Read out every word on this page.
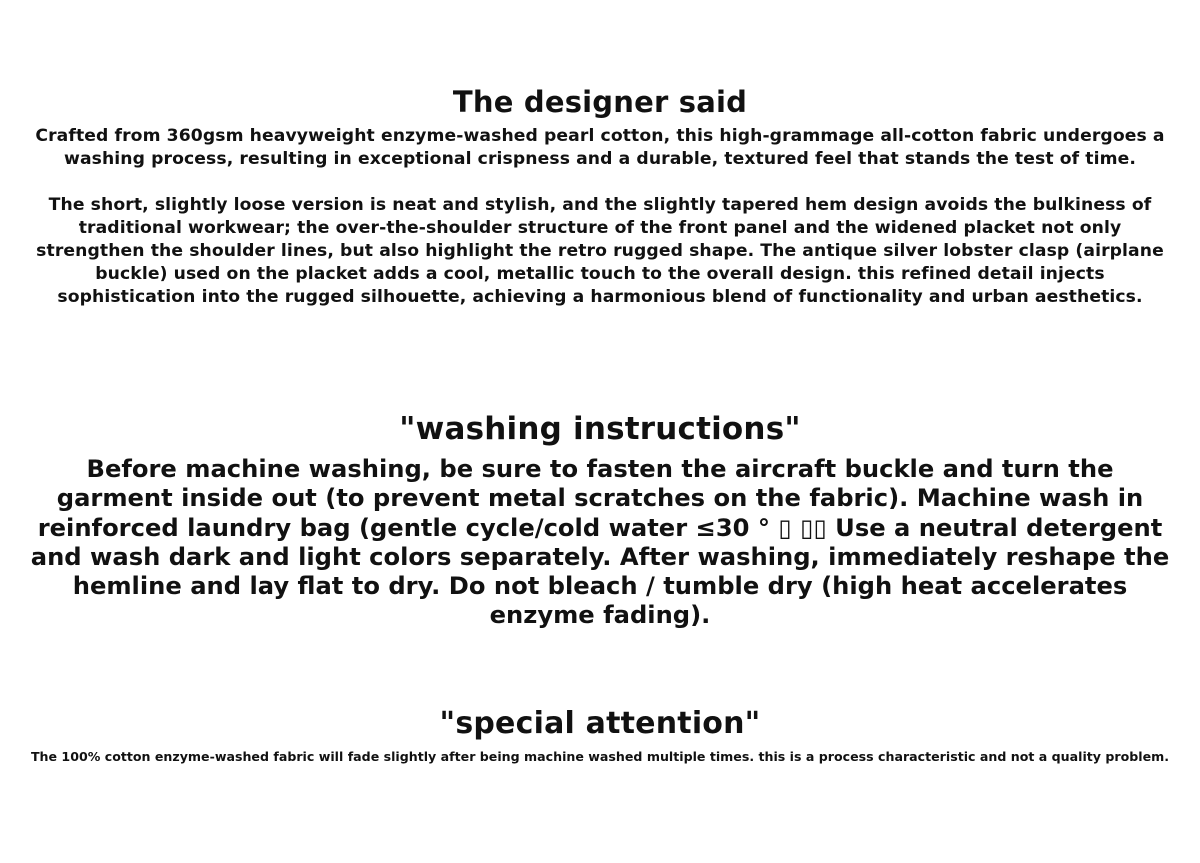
The designer said

Crafted from 360gsm heavyweight enzyme-washed pearl cotton, this high-grammage all-cotton fabric undergoes a washing process, resulting in exceptional crispness and a durable, textured feel that stands the test of time.

The short, slightly loose version is neat and stylish, and the slightly tapered hem design avoids the bulkiness of traditional workwear; the over-the-shoulder structure of the front panel and the widened placket not only strengthen the shoulder lines, but also highlight the retro rugged shape. The antique silver lobster clasp (airplane buckle) used on the placket adds a cool, metallic touch to the overall design. this refined detail injects sophistication into the rugged silhouette, achieving a harmonious blend of functionality and urban aesthetics.

"washing instructions"

Before machine washing, be sure to fasten the aircraft buckle and turn the garment inside out (to prevent metal scratches on the fabric). Machine wash in reinforced laundry bag (gentle cycle/cold water ≤30 ° ▯ ▯▯ Use a neutral detergent and wash dark and light colors separately. After washing, immediately reshape the hemline and lay flat to dry. Do not bleach / tumble dry (high heat accelerates enzyme fading).

"special attention"

The 100% cotton enzyme-washed fabric will fade slightly after being machine washed multiple times. this is a process characteristic and not a quality problem.
